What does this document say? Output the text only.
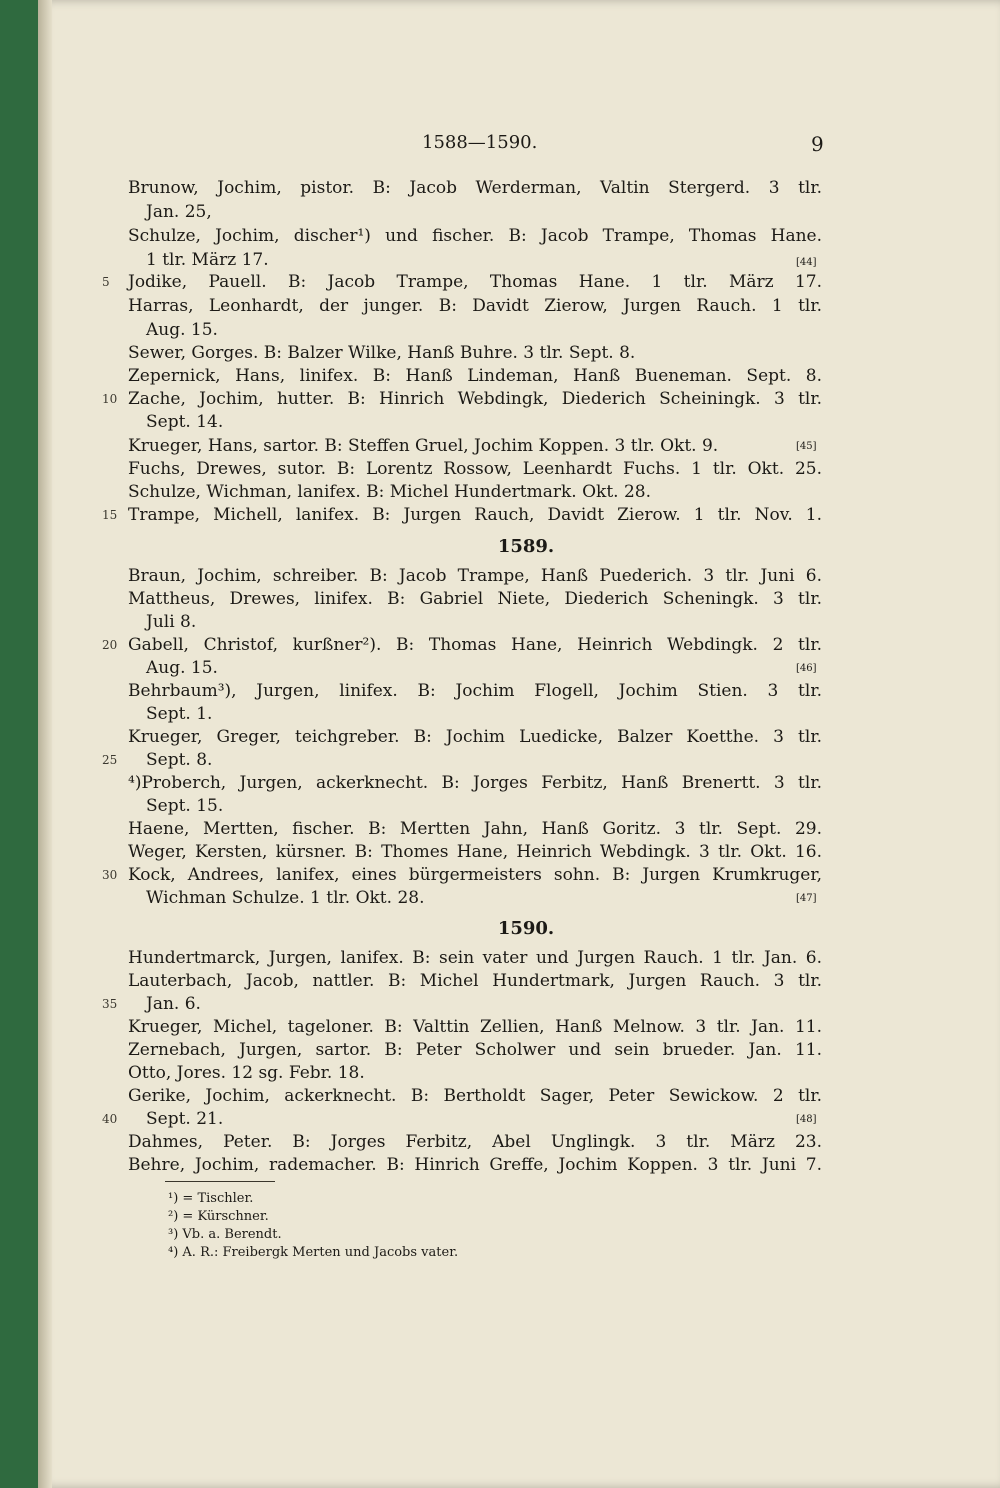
1588—1590.	9
Brunow, Jochim, pistor. B: Jacob Werderman, Valtin Stergerd. 3 tlr.
Jan. 25,
Schulze, Jochim, discher¹) und fischer. B: Jacob Trampe, Thomas Hane.
1 tlr. März 17.	[44]
5 Jodike, Pauell. B: Jacob Trampe, Thomas Hane. 1 tlr. März 17.
Harras, Leonhardt, der junger. B: Davidt Zierow, Jurgen Rauch. 1 tlr.
Aug. 15.
Sewer, Gorges. B: Balzer Wilke, Hanß Buhre. 3 tlr. Sept. 8.
Zepernick, Hans, linifex. B: Hanß Lindeman, Hanß Bueneman. Sept. 8.
10 Zache, Jochim, hutter. B: Hinrich Webdingk, Diederich Scheiningk. 3 tlr.
Sept. 14.
Krueger, Hans, sartor. B: Steffen Gruel, Jochim Koppen. 3 tlr. Okt. 9.	[45]
Fuchs, Drewes, sutor. B: Lorentz Rossow, Leenhardt Fuchs. 1 tlr. Okt. 25.
Schulze, Wichman, lanifex. B: Michel Hundertmark. Okt. 28.
15 Trampe, Michell, lanifex. B: Jurgen Rauch, Davidt Zierow. 1 tlr. Nov. 1.
1589.
Braun, Jochim, schreiber. B: Jacob Trampe, Hanß Puederich. 3 tlr. Juni 6.
Mattheus, Drewes, linifex. B: Gabriel Niete, Diederich Scheningk. 3 tlr.
Juli 8.
20 Gabell, Christof, kurßner²). B: Thomas Hane, Heinrich Webdingk. 2 tlr.
Aug. 15.	[46]
Behrbaum³), Jurgen, linifex. B: Jochim Flogell, Jochim Stien. 3 tlr.
Sept. 1.
Krueger, Greger, teichgreber. B: Jochim Luedicke, Balzer Koetthe. 3 tlr.
25 Sept. 8.
⁴)Proberch, Jurgen, ackerknecht. B: Jorges Ferbitz, Hanß Brenertt. 3 tlr.
Sept. 15.
Haene, Mertten, fischer. B: Mertten Jahn, Hanß Goritz. 3 tlr. Sept. 29.
Weger, Kersten, kürsner. B: Thomes Hane, Heinrich Webdingk. 3 tlr. Okt. 16.
30 Kock, Andrees, lanifex, eines bürgermeisters sohn. B: Jurgen Krumkruger,
Wichman Schulze. 1 tlr. Okt. 28.	[47]
1590.
Hundertmarck, Jurgen, lanifex. B: sein vater und Jurgen Rauch. 1 tlr. Jan. 6.
Lauterbach, Jacob, nattler. B: Michel Hundertmark, Jurgen Rauch. 3 tlr.
35 Jan. 6.
Krueger, Michel, tageloner. B: Valttin Zellien, Hanß Melnow. 3 tlr. Jan. 11.
Zernebach, Jurgen, sartor. B: Peter Scholwer und sein brueder. Jan. 11.
Otto, Jores. 12 sg. Febr. 18.
Gerike, Jochim, ackerknecht. B: Bertholdt Sager, Peter Sewickow. 2 tlr.
40 Sept. 21.	[48]
Dahmes, Peter. B: Jorges Ferbitz, Abel Unglingk. 3 tlr. März 23.
Behre, Jochim, rademacher. B: Hinrich Greffe, Jochim Koppen. 3 tlr. Juni 7.
¹) = Tischler.
²) = Kürschner.
³) Vb. a. Berendt.
⁴) A. R.: Freibergk Merten und Jacobs vater.
